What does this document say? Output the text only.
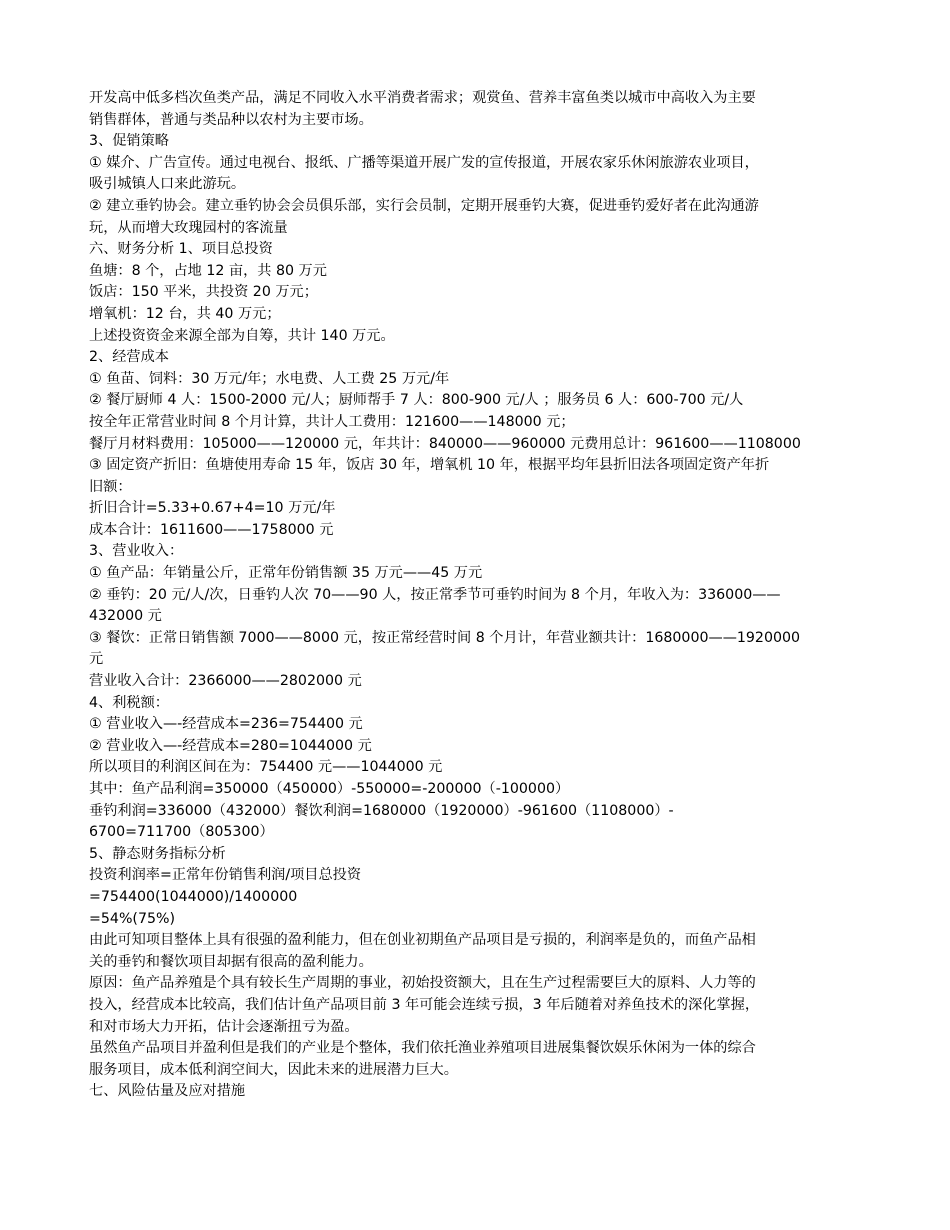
开发高中低多档次鱼类产品，满足不同收入水平消费者需求；观赏鱼、营养丰富鱼类以城市中高收入为主要
销售群体，普通与类品种以农村为主要市场。
3、促销策略
① 媒介、广告宣传。通过电视台、报纸、广播等渠道开展广发的宣传报道，开展农家乐休闲旅游农业项目，
吸引城镇人口来此游玩。
② 建立垂钓协会。建立垂钓协会会员俱乐部，实行会员制，定期开展垂钓大赛，促进垂钓爱好者在此沟通游
玩，从而增大玫瑰园村的客流量
六、财务分析 1、项目总投资
鱼塘：8 个，占地 12 亩，共 80 万元
饭店：150 平米，共投资 20 万元；
增氧机：12 台，共 40 万元；
上述投资资金来源全部为自筹，共计 140 万元。
2、经营成本
① 鱼苗、饲料：30 万元/年；水电费、人工费 25 万元/年
② 餐厅厨师 4 人：1500-2000 元/人；厨师帮手 7 人：800-900 元/人 ；服务员 6 人：600-700 元/人
按全年正常营业时间 8 个月计算，共计人工费用：121600——148000 元；
餐厅月材料费用：105000——120000 元，年共计：840000——960000 元费用总计：961600——1108000
③ 固定资产折旧：鱼塘使用寿命 15 年，饭店 30 年，增氧机 10 年，根据平均年县折旧法各项固定资产年折
旧额：
折旧合计=5.33+0.67+4=10 万元/年
成本合计：1611600——1758000 元
3、营业收入：
① 鱼产品：年销量公斤，正常年份销售额 35 万元——45 万元
② 垂钓：20 元/人/次，日垂钓人次 70——90 人，按正常季节可垂钓时间为 8 个月，年收入为：336000——
432000 元
③ 餐饮：正常日销售额 7000——8000 元，按正常经营时间 8 个月计，年营业额共计：1680000——1920000
元
营业收入合计：2366000——2802000 元
4、利税额：
① 营业收入—-经营成本=236=754400 元
② 营业收入—-经营成本=280=1044000 元
所以项目的利润区间在为：754400 元——1044000 元
其中：鱼产品利润=350000（450000）-550000=-200000（-100000）
垂钓利润=336000（432000）餐饮利润=1680000（1920000）-961600（1108000）-
6700=711700（805300）
5、静态财务指标分析
投资利润率=正常年份销售利润/项目总投资
=754400(1044000)/1400000
=54%(75%)
由此可知项目整体上具有很强的盈利能力，但在创业初期鱼产品项目是亏损的，利润率是负的，而鱼产品相
关的垂钓和餐饮项目却据有很高的盈利能力。
原因：鱼产品养殖是个具有较长生产周期的事业，初始投资额大，且在生产过程需要巨大的原料、人力等的
投入，经营成本比较高，我们估计鱼产品项目前 3 年可能会连续亏损，3 年后随着对养鱼技术的深化掌握，
和对市场大力开拓，估计会逐渐扭亏为盈。
虽然鱼产品项目并盈利但是我们的产业是个整体，我们依托渔业养殖项目进展集餐饮娱乐休闲为一体的综合
服务项目，成本低利润空间大，因此未来的进展潜力巨大。
七、风险估量及应对措施
